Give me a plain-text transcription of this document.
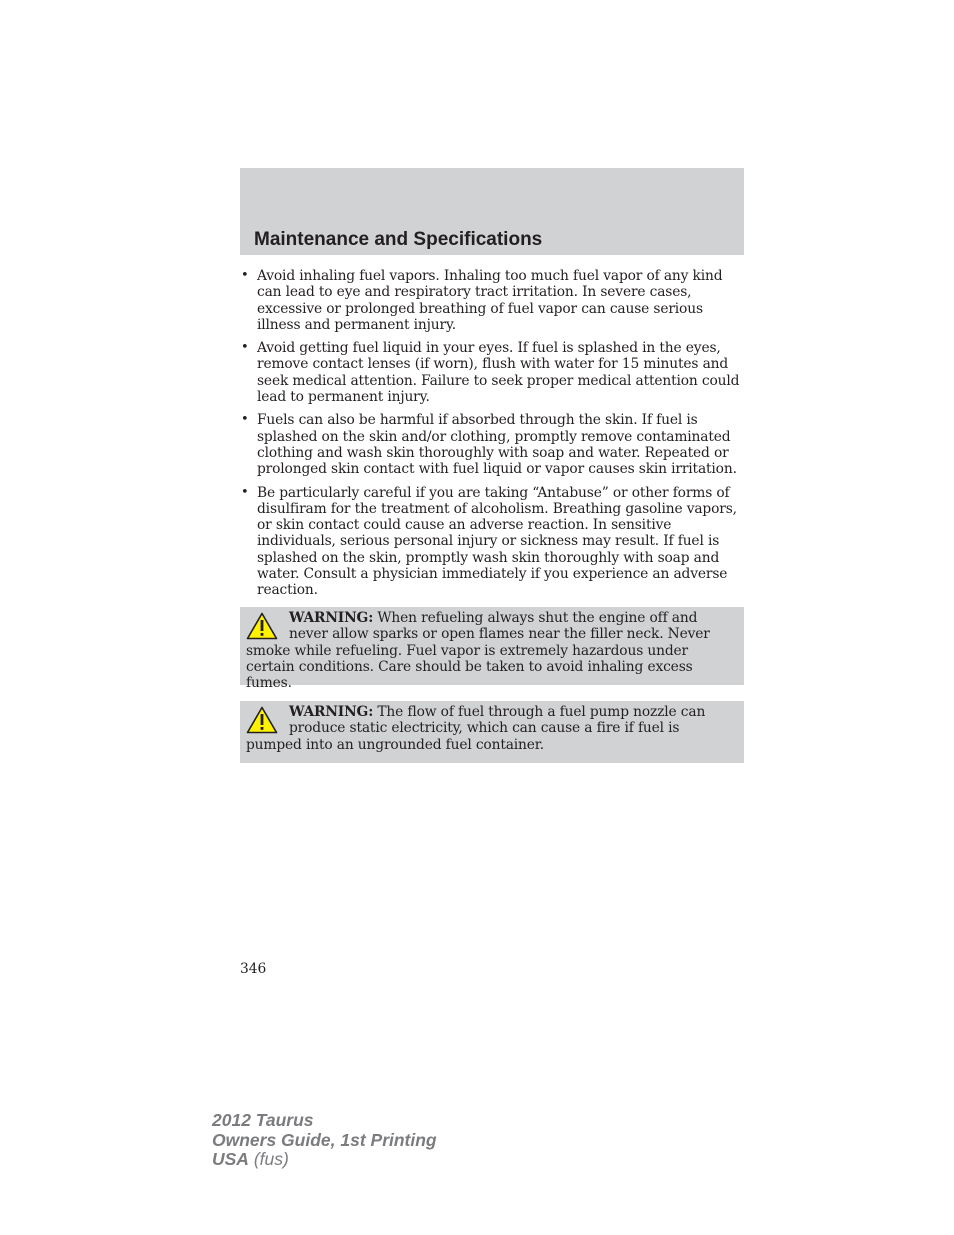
Maintenance and Specifications
• Avoid inhaling fuel vapors. Inhaling too much fuel vapor of any kind can lead to eye and respiratory tract irritation. In severe cases, excessive or prolonged breathing of fuel vapor can cause serious illness and permanent injury.
• Avoid getting fuel liquid in your eyes. If fuel is splashed in the eyes, remove contact lenses (if worn), flush with water for 15 minutes and seek medical attention. Failure to seek proper medical attention could lead to permanent injury.
• Fuels can also be harmful if absorbed through the skin. If fuel is splashed on the skin and/or clothing, promptly remove contaminated clothing and wash skin thoroughly with soap and water. Repeated or prolonged skin contact with fuel liquid or vapor causes skin irritation.
• Be particularly careful if you are taking “Antabuse” or other forms of disulfiram for the treatment of alcoholism. Breathing gasoline vapors, or skin contact could cause an adverse reaction. In sensitive individuals, serious personal injury or sickness may result. If fuel is splashed on the skin, promptly wash skin thoroughly with soap and water. Consult a physician immediately if you experience an adverse reaction.
WARNING: When refueling always shut the engine off and never allow sparks or open flames near the filler neck. Never smoke while refueling. Fuel vapor is extremely hazardous under certain conditions. Care should be taken to avoid inhaling excess fumes.
WARNING: The flow of fuel through a fuel pump nozzle can produce static electricity, which can cause a fire if fuel is pumped into an ungrounded fuel container.
346
2012 Taurus
Owners Guide, 1st Printing
USA (fus)
